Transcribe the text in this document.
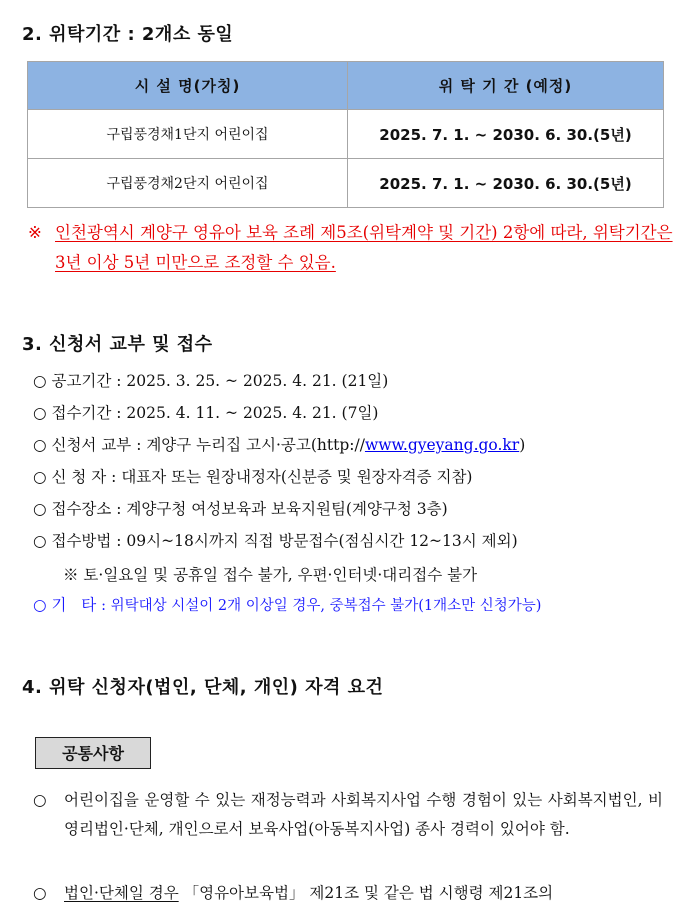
2. 위탁기간 : 2개소 동일
시 설 명(가칭)	위 탁 기 간 (예정)
구립풍경채1단지 어린이집	2025. 7. 1. ~ 2030. 6. 30.(5년)
구립풍경채2단지 어린이집	2025. 7. 1. ~ 2030. 6. 30.(5년)
※ 인천광역시 계양구 영유아 보육 조례 제5조(위탁계약 및 기간) 2항에 따라, 위탁기간은 3년 이상 5년 미만으로 조정할 수 있음.
3. 신청서 교부 및 접수
○ 공고기간 : 2025. 3. 25. ~ 2025. 4. 21. (21일)
○ 접수기간 : 2025. 4. 11. ~ 2025. 4. 21. (7일)
○ 신청서 교부 : 계양구 누리집 고시·공고(http://www.gyeyang.go.kr)
○ 신 청 자 : 대표자 또는 원장내정자(신분증 및 원장자격증 지참)
○ 접수장소 : 계양구청 여성보육과 보육지원팀(계양구청 3층)
○ 접수방법 : 09시~18시까지 직접 방문접수(점심시간 12~13시 제외)
※ 토·일요일 및 공휴일 접수 불가, 우편·인터넷·대리접수 불가
○ 기   타 : 위탁대상 시설이 2개 이상일 경우, 중복접수 불가(1개소만 신청가능)
4. 위탁 신청자(법인, 단체, 개인) 자격 요건
공통사항
○ 어린이집을 운영할 수 있는 재정능력과 사회복지사업 수행 경험이 있는 사회복지법인, 비영리법인·단체, 개인으로서 보육사업(아동복지사업) 종사 경력이 있어야 함.
○ 법인·단체일 경우 「영유아보육법」 제21조 및 같은 법 시행령 제21조의
